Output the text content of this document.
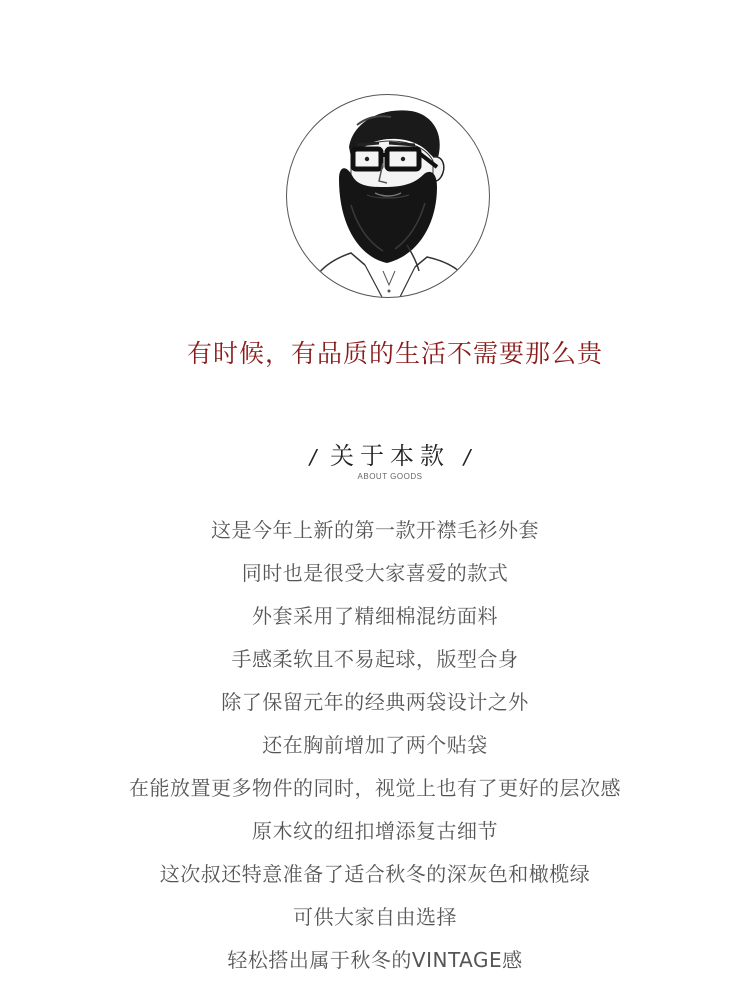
有时候，有品质的生活不需要那么贵
/ 关于本款 /
ABOUT GOODS
这是今年上新的第一款开襟毛衫外套
同时也是很受大家喜爱的款式
外套采用了精细棉混纺面料
手感柔软且不易起球，版型合身
除了保留元年的经典两袋设计之外
还在胸前增加了两个贴袋
在能放置更多物件的同时，视觉上也有了更好的层次感
原木纹的纽扣增添复古细节
这次叔还特意准备了适合秋冬的深灰色和橄榄绿
可供大家自由选择
轻松搭出属于秋冬的VINTAGE感
